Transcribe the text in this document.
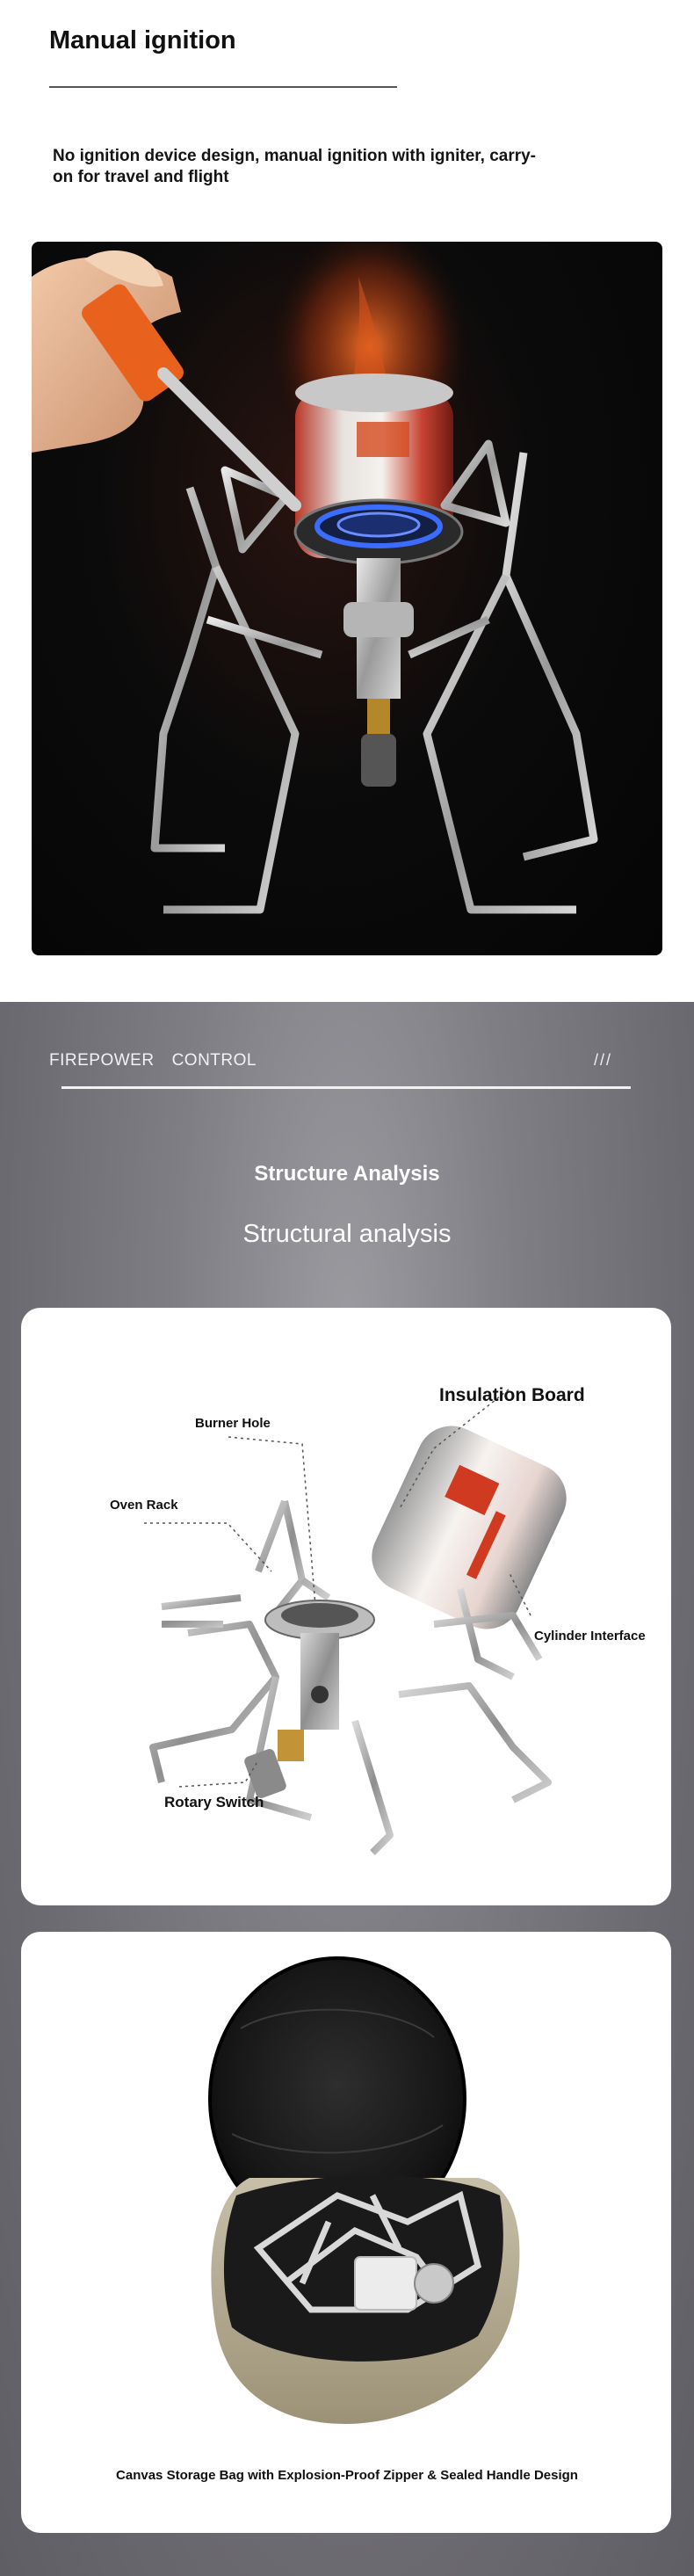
Manual ignition
No ignition device design, manual ignition with igniter, carry-on for travel and flight
FIREPOWER CONTROL	///
Structure Analysis
Structural analysis
Burner Hole
Insulation Board
Oven Rack
Cylinder Interface
Rotary Switch
Canvas Storage Bag with Explosion-Proof Zipper & Sealed Handle Design
